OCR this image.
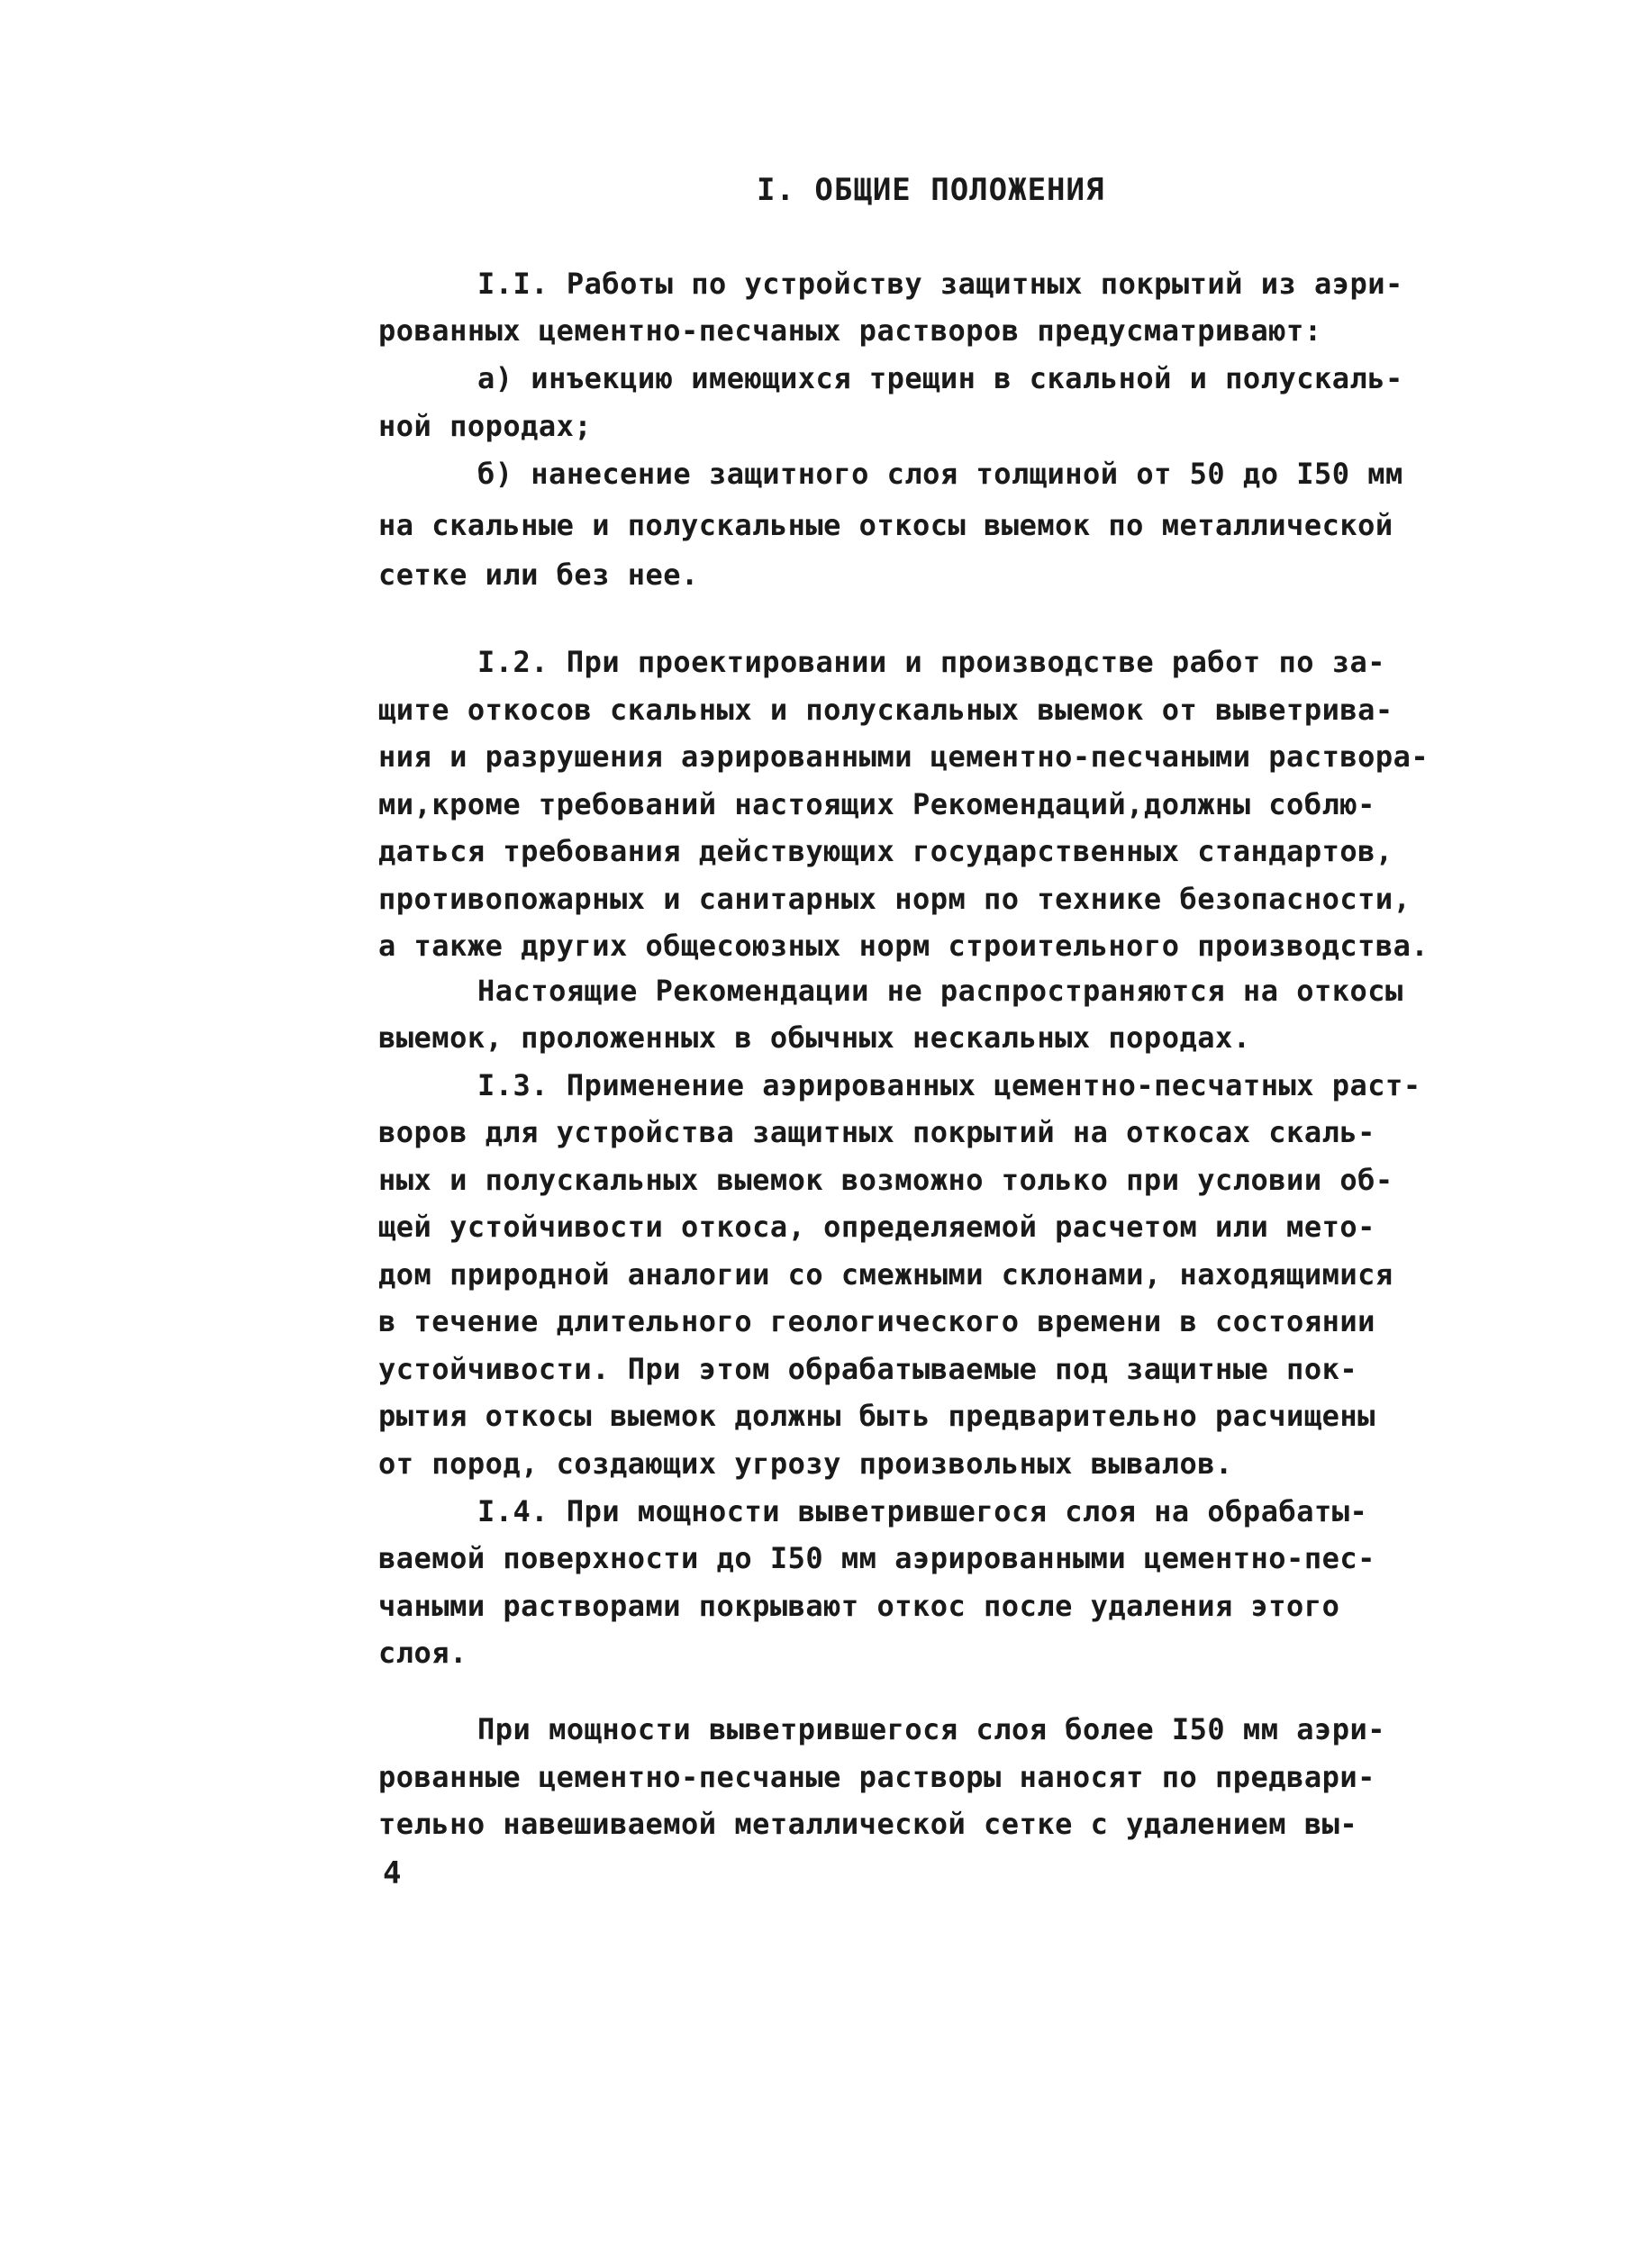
I. ОБЩИЕ ПОЛОЖЕНИЯ
I.I. Работы по устройству защитных покрытий из аэри-
рованных цементно-песчаных растворов предусматривают:
а) инъекцию имеющихся трещин в скальной и полускаль-
ной породах;
б) нанесение защитного слоя толщиной от 50 до I50 мм
на скальные и полускальные откосы выемок по металлической
сетке или без нее.
I.2. При проектировании и производстве работ по за-
щите откосов скальных и полускальных выемок от выветрива-
ния и разрушения аэрированными цементно-песчаными раствора-
ми,кроме требований настоящих Рекомендаций,должны соблю-
даться требования действующих государственных стандартов,
противопожарных и санитарных норм по технике безопасности,
а также других общесоюзных норм строительного производства.
Настоящие Рекомендации не распространяются на откосы
выемок, проложенных в обычных нескальных породах.
I.3. Применение аэрированных цементно-песчатных раст-
воров для устройства защитных покрытий на откосах скаль-
ных и полускальных выемок возможно только при условии об-
щей устойчивости откоса, определяемой расчетом или мето-
дом природной аналогии со смежными склонами, находящимися
в течение длительного геологического времени в состоянии
устойчивости. При этом обрабатываемые под защитные пок-
рытия откосы выемок должны быть предварительно расчищены
от пород, создающих угрозу произвольных вывалов.
I.4. При мощности выветрившегося слоя на обрабаты-
ваемой поверхности до I50 мм аэрированными цементно-пес-
чаными растворами покрывают откос после удаления этого
слоя.
При мощности выветрившегося слоя более I50 мм аэри-
рованные цементно-песчаные растворы наносят по предвари-
тельно навешиваемой металлической сетке с удалением вы-
4
